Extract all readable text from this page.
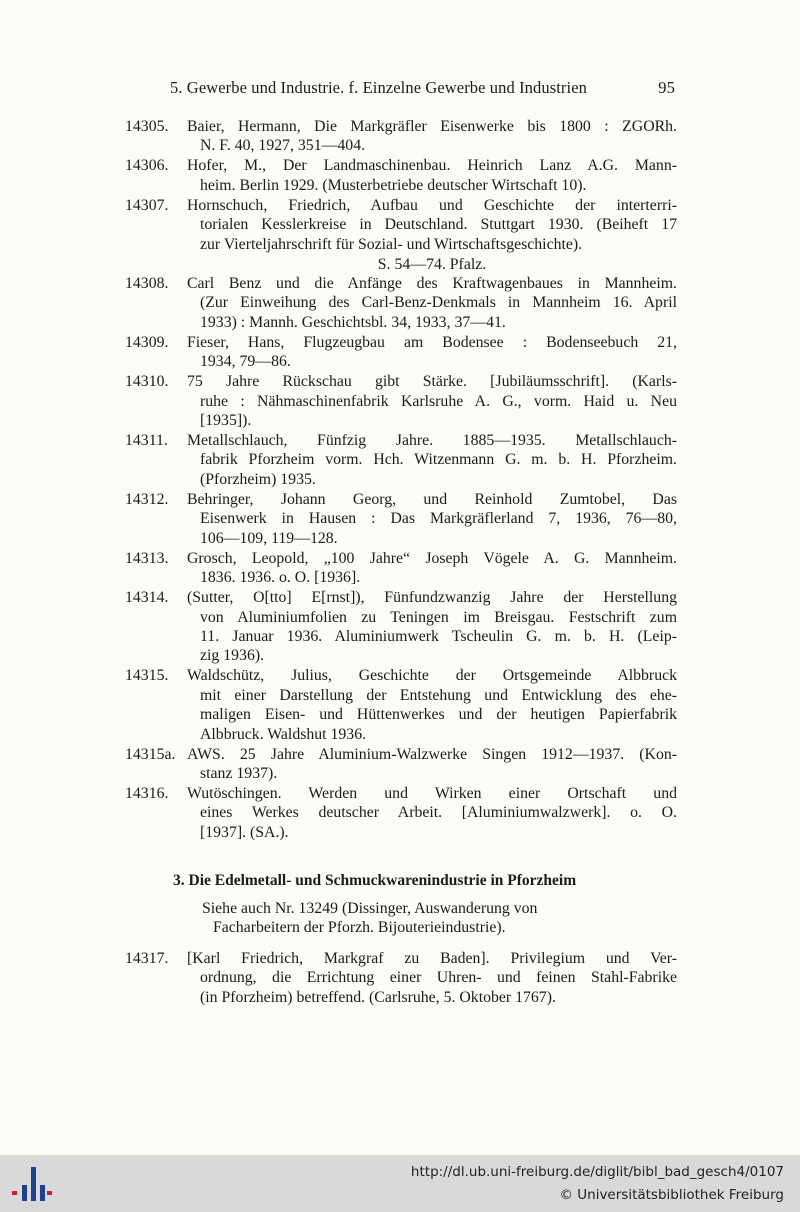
5. Gewerbe und Industrie. f. Einzelne Gewerbe und Industrien	95
14305.	Baier, Hermann, Die Markgräfler Eisenwerke bis 1800 : ZGORh.
N. F. 40, 1927, 351—404.
14306.	Hofer, M., Der Landmaschinenbau. Heinrich Lanz A.G. Mann-
heim. Berlin 1929. (Musterbetriebe deutscher Wirtschaft 10).
14307.	Hornschuch, Friedrich, Aufbau und Geschichte der interterri-
torialen Kesslerkreise in Deutschland. Stuttgart 1930. (Beiheft 17
zur Vierteljahrschrift für Sozial- und Wirtschaftsgeschichte).
S. 54—74. Pfalz.
14308.	Carl Benz und die Anfänge des Kraftwagenbaues in Mannheim.
(Zur Einweihung des Carl-Benz-Denkmals in Mannheim 16. April
1933) : Mannh. Geschichtsbl. 34, 1933, 37—41.
14309.	Fieser, Hans, Flugzeugbau am Bodensee : Bodenseebuch 21,
1934, 79—86.
14310.	75 Jahre Rückschau gibt Stärke. [Jubiläumsschrift]. (Karls-
ruhe : Nähmaschinenfabrik Karlsruhe A. G., vorm. Haid u. Neu
[1935]).
14311.	Metallschlauch, Fünfzig Jahre. 1885—1935. Metallschlauch-
fabrik Pforzheim vorm. Hch. Witzenmann G. m. b. H. Pforzheim.
(Pforzheim) 1935.
14312.	Behringer, Johann Georg, und Reinhold Zumtobel, Das
Eisenwerk in Hausen : Das Markgräflerland 7, 1936, 76—80,
106—109, 119—128.
14313.	Grosch, Leopold, „100 Jahre“ Joseph Vögele A. G. Mannheim.
1836. 1936. o. O. [1936].
14314.	(Sutter, O[tto] E[rnst]), Fünfundzwanzig Jahre der Herstellung
von Aluminiumfolien zu Teningen im Breisgau. Festschrift zum
11. Januar 1936. Aluminiumwerk Tscheulin G. m. b. H. (Leip-
zig 1936).
14315.	Waldschütz, Julius, Geschichte der Ortsgemeinde Albbruck
mit einer Darstellung der Entstehung und Entwicklung des ehe-
maligen Eisen- und Hüttenwerkes und der heutigen Papierfabrik
Albbruck. Waldshut 1936.
14315a. AWS. 25 Jahre Aluminium-Walzwerke Singen 1912—1937. (Kon-
stanz 1937).
14316.	Wutöschingen. Werden und Wirken einer Ortschaft und
eines Werkes deutscher Arbeit. [Aluminiumwalzwerk]. o. O.
[1937]. (SA.).
3. Die Edelmetall- und Schmuckwarenindustrie in Pforzheim
Siehe auch Nr. 13249 (Dissinger, Auswanderung von
Facharbeitern der Pforzh. Bijouterieindustrie).
14317.	[Karl Friedrich, Markgraf zu Baden]. Privilegium und Ver-
ordnung, die Errichtung einer Uhren- und feinen Stahl-Fabrike
(in Pforzheim) betreffend. (Carlsruhe, 5. Oktober 1767).
http://dl.ub.uni-freiburg.de/diglit/bibl_bad_gesch4/0107
© Universitätsbibliothek Freiburg
